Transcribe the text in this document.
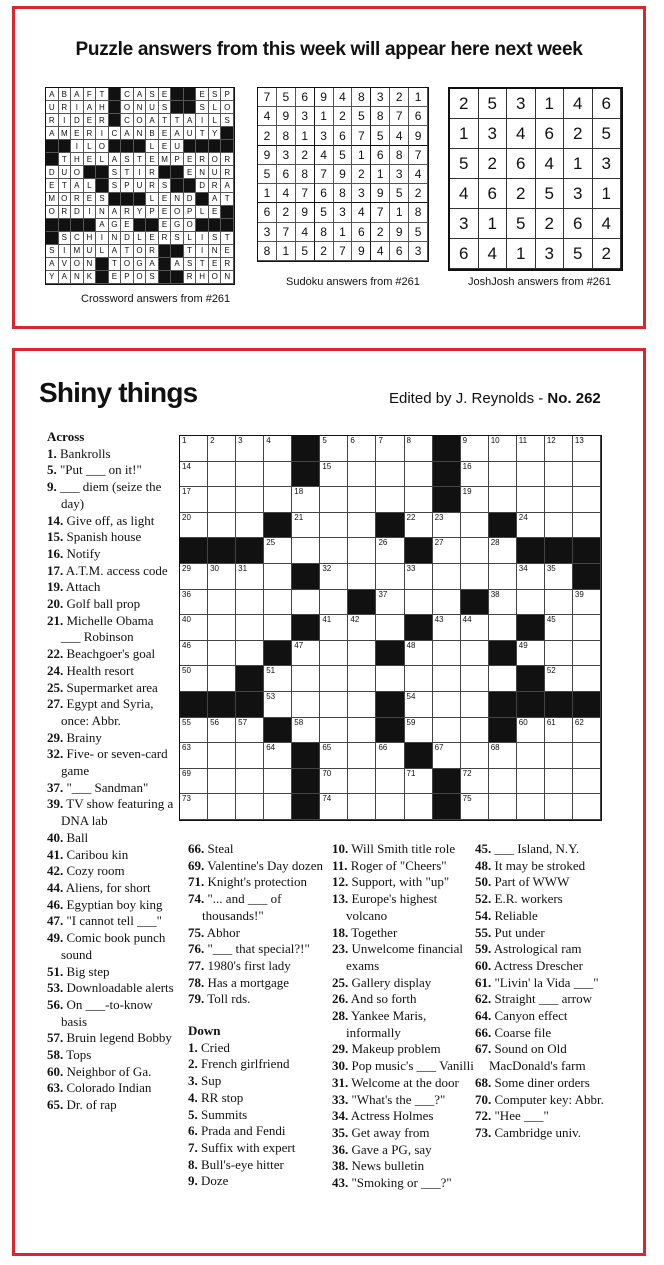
Puzzle answers from this week will appear here next week
A B A F T	C A S E	E S P
U R	I	A H	O N U S	S L O
R	I	D E R	C O A T T A	I	L S
A M E R	I	C A N B E A U T Y
I	L O	L E U
T H E L A S T E M P E R O R
D U O	S T	I	R	E N U R
E T A L	S P U R S	D R A
M O R E S	L E N D	A T
O R D	I	N A R Y P E O P L E
A G E	E G O
S C H	I	N D L E R S L	I	S T
S	I	M U L A T O R	T	I	N E
A V O N	T O G A	A S T E R
Y A N K	E P O S	R H O N
Crossword answers from #261
7	5	6	9	4	8	3	2	1
4	9	3	1	2	5	8	7	6
2	8	1	3	6	7	5	4	9
9	3	2	4	5	1	6	8	7
5	6	8	7	9	2	1	3	4
1	4	7	6	8	3	9	5	2
6	2	9	5	3	4	7	1	8
3	7	4	8	1	6	2	9	5
8	1	5	2	7	9	4	6	3
Sudoku answers from #261
2	5	3	1	4	6
1	3	4	6	2	5
5	2	6	4	1	3
4	6	2	5	3	1
3	1	5	2	6	4
6	4	1	3	5	2
JoshJosh answers from #261
Shiny things	Edited by J. Reynolds - No. 262
1	2	3	4	5	6	7	8	9	10 11 12 13
14	15	16
17	18	19
20	21	22 23	24
25	26	27	28
29 30 31	32	33	34 35
36	37	38	39
40	41 42	43 44	45
46	47	48	49
50	51	52
53	54
55 56 57	58	59	60 61 62
63	64	65	66	67	68
69	70	71	72
73	74	75
Across
1. Bankrolls
5. "Put ___ on it!"
9. ___ diem (seize the day)
14. Give off, as light
15. Spanish house
16. Notify
17. A.T.M. access code
19. Attach
20. Golf ball prop
21. Michelle Obama ___ Robinson
22. Beachgoer's goal
24. Health resort
25. Supermarket area
27. Egypt and Syria, once: Abbr.
29. Brainy
32. Five- or seven-card game
37. "___ Sandman"
39. TV show featuring a DNA lab
40. Ball
41. Caribou kin
42. Cozy room
44. Aliens, for short
46. Egyptian boy king
47. "I cannot tell ___"
49. Comic book punch sound
51. Big step
53. Downloadable alerts
56. On ___-to-know basis
57. Bruin legend Bobby
58. Tops
60. Neighbor of Ga.
63. Colorado Indian
65. Dr. of rap
66. Steal
69. Valentine's Day dozen
71. Knight's protection
74. "... and ___ of thousands!"
75. Abhor
76. "___ that special?!"
77. 1980's first lady
78. Has a mortgage
79. Toll rds.
Down
1. Cried
2. French girlfriend
3. Sup
4. RR stop
5. Summits
6. Prada and Fendi
7. Suffix with expert
8. Bull's-eye hitter
9. Doze
10. Will Smith title role
11. Roger of "Cheers"
12. Support, with "up"
13. Europe's highest volcano
18. Together
23. Unwelcome financial exams
25. Gallery display
26. And so forth
28. Yankee Maris, informally
29. Makeup problem
30. Pop music's ___ Vanilli
31. Welcome at the door
33. "What's the ___?"
34. Actress Holmes
35. Get away from
36. Gave a PG, say
38. News bulletin
43. "Smoking or ___?"
45. ___ Island, N.Y.
48. It may be stroked
50. Part of WWW
52. E.R. workers
54. Reliable
55. Put under
59. Astrological ram
60. Actress Drescher
61. "Livin' la Vida ___"
62. Straight ___ arrow
64. Canyon effect
66. Coarse file
67. Sound on Old MacDonald's farm
68. Some diner orders
70. Computer key: Abbr.
72. "Hee ___"
73. Cambridge univ.
